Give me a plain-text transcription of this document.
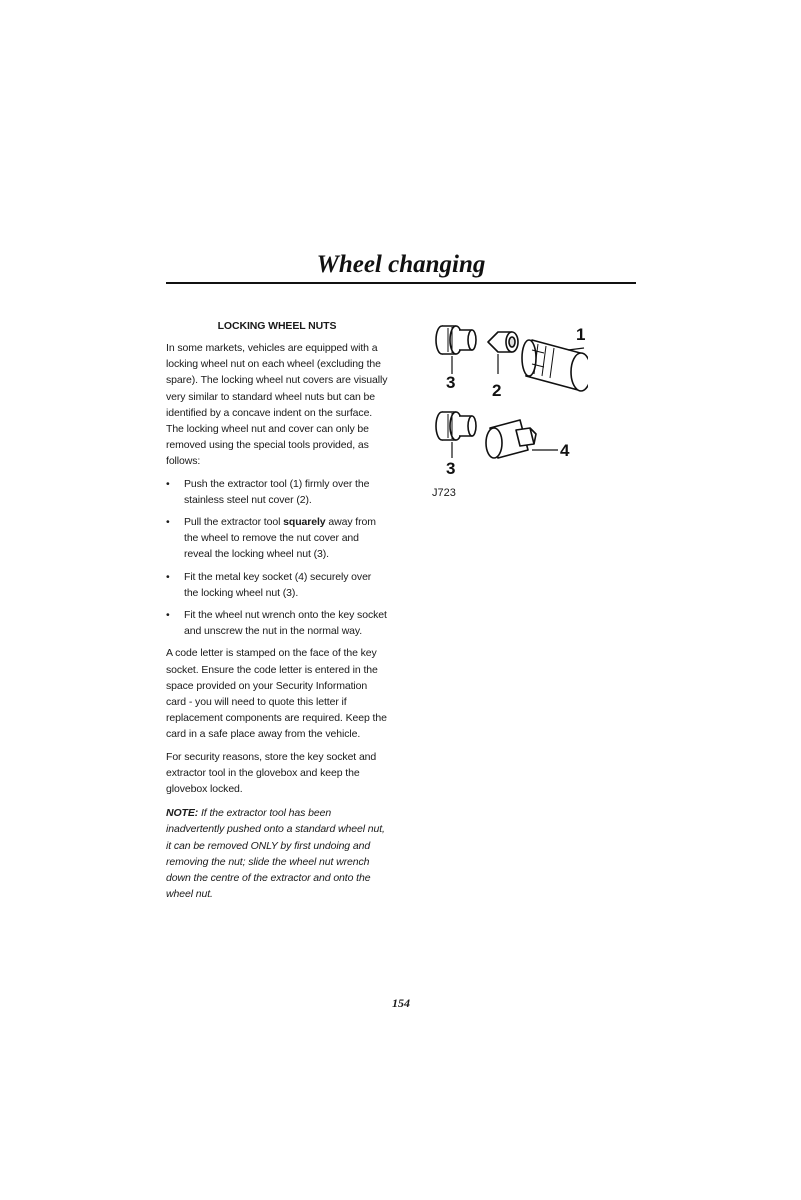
Wheel changing
LOCKING WHEEL NUTS

In some markets, vehicles are equipped with a locking wheel nut on each wheel (excluding the spare). The locking wheel nut covers are visually very similar to standard wheel nuts but can be identified by a concave indent on the surface. The locking wheel nut and cover can only be removed using the special tools provided, as follows:

• Push the extractor tool (1) firmly over the stainless steel nut cover (2).
• Pull the extractor tool squarely away from the wheel to remove the nut cover and reveal the locking wheel nut (3).
• Fit the metal key socket (4) securely over the locking wheel nut (3).
• Fit the wheel nut wrench onto the key socket and unscrew the nut in the normal way.

A code letter is stamped on the face of the key socket. Ensure the code letter is entered in the space provided on your Security Information card - you will need to quote this letter if replacement components are required. Keep the card in a safe place away from the vehicle.

For security reasons, store the key socket and extractor tool in the glovebox and keep the glovebox locked.

NOTE: If the extractor tool has been inadvertently pushed onto a standard wheel nut, it can be removed ONLY by first undoing and removing the nut; slide the wheel nut wrench down the centre of the extractor and onto the wheel nut.

1
2
3
3
4
J723
154
